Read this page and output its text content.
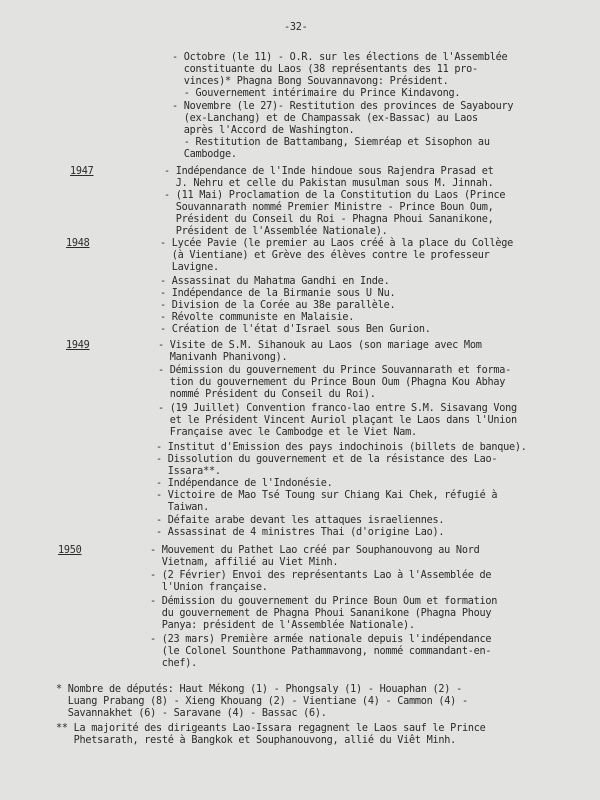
-32-
1947
1948
1949
1950
- Octobre (le 11) - O.R. sur les élections de l'Assemblée
constituante du Laos (38 représentants des 11 pro-
vinces)* Phagna Bong Souvannavong: Président.
- Gouvernement intérimaire du Prince Kindavong.
- Novembre (le 27)- Restitution des provinces de Sayaboury
(ex-Lanchang) et de Champassak (ex-Bassac) au Laos
après l'Accord de Washington.
- Restitution de Battambang, Siemréap et Sisophon au
Cambodge.
- Indépendance de l'Inde hindoue sous Rajendra Prasad et
J. Nehru et celle du Pakistan musulman sous M. Jinnah.
- (11 Mai) Proclamation de la Constitution du Laos (Prince
Souvannarath nommé Premier Ministre - Prince Boun Oum,
Président du Conseil du Roi - Phagna Phoui Sananikone,
Président de l'Assemblée Nationale).
- Lycée Pavie (le premier au Laos créé à la place du Collège
(à Vientiane) et Grève des élèves contre le professeur
Lavigne.
- Assassinat du Mahatma Gandhi en Inde.
- Indépendance de la Birmanie sous U Nu.
- Division de la Corée au 38e parallèle.
- Révolte communiste en Malaisie.
- Création de l'état d'Israel sous Ben Gurion.
- Visite de S.M. Sihanouk au Laos (son mariage avec Mom
Manivanh Phanivong).
- Démission du gouvernement du Prince Souvannarath et forma-
tion du gouvernement du Prince Boun Oum (Phagna Kou Abhay
nommé Président du Conseil du Roi).
- (19 Juillet) Convention franco-lao entre S.M. Sisavang Vong
et le Président Vincent Auriol plaçant le Laos dans l'Union
Française avec le Cambodge et le Viet Nam.
- Institut d'Emission des pays indochinois (billets de banque).
- Dissolution du gouvernement et de la résistance des Lao-
Issara**.
- Indépendance de l'Indonésie.
- Victoire de Mao Tsé Toung sur Chiang Kai Chek, réfugié à
Taiwan.
- Défaite arabe devant les attaques israeliennes.
- Assassinat de 4 ministres Thai (d'origine Lao).
- Mouvement du Pathet Lao créé par Souphanouvong au Nord
Vietnam, affilié au Viet Minh.
- (2 Février) Envoi des représentants Lao à l'Assemblée de
l'Union française.
- Démission du gouvernement du Prince Boun Oum et formation
du gouvernement de Phagna Phoui Sananikone (Phagna Phouy
Panya: président de l'Assemblée Nationale).
- (23 mars) Première armée nationale depuis l'indépendance
(le Colonel Sounthone Pathammavong, nommé commandant-en-
chef).
* Nombre de députés: Haut Mékong (1) - Phongsaly (1) - Houaphan (2) -
Luang Prabang (8) - Xieng Khouang (2) - Vientiane (4) - Cammon (4) -
Savannakhet (6) - Saravane (4) - Bassac (6).
** La majorité des dirigeants Lao-Issara regagnent le Laos sauf le Prince
Phetsarath, resté à Bangkok et Souphanouvong, allié du Viêt Minh.
